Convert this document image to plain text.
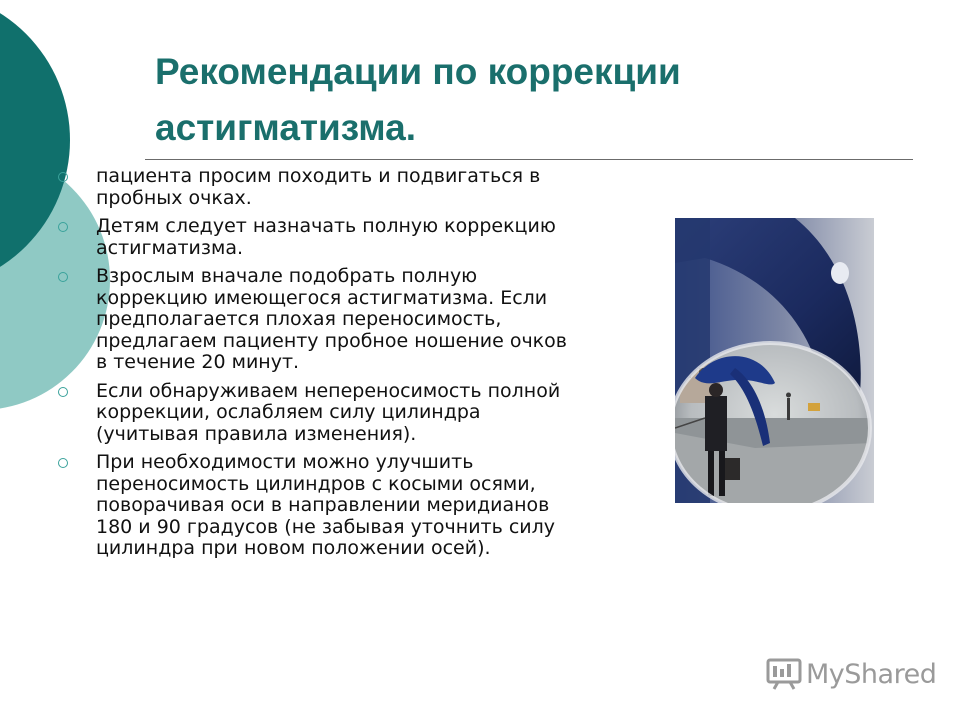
Рекомендации по коррекции астигматизма.
пациента просим походить и подвигаться в пробных очках.
Детям следует назначать полную коррекцию астигматизма.
Взрослым вначале подобрать полную коррекцию имеющегося астигматизма. Если предполагается плохая переносимость, предлагаем пациенту пробное ношение очков в течение 20 минут.
Если обнаруживаем непереносимость полной коррекции, ослабляем силу цилиндра (учитывая правила изменения).
При необходимости можно улучшить переносимость цилиндров с косыми осями, поворачивая оси в направлении меридианов 180 и 90 градусов (не забывая уточнить силу цилиндра при новом положении осей).
MyShared
